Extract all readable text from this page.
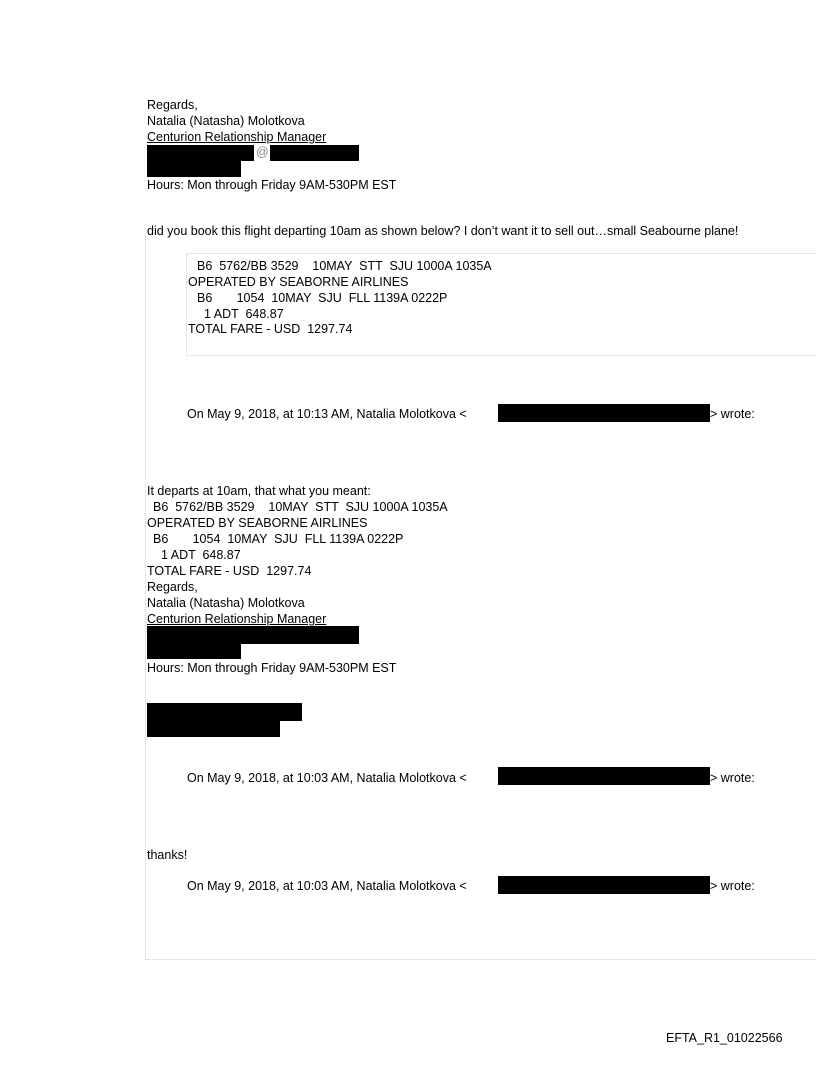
Regards,
Natalia (Natasha) Molotkova
Centurion Relationship Manager
@
Hours: Mon through Friday 9AM-530PM EST
did you book this flight departing 10am as shown below? I don’t want it to sell out…small Seabourne plane!
B6  5762/BB 3529    10MAY  STT  SJU 1000A 1035A
OPERATED BY SEABORNE AIRLINES
B6       1054  10MAY  SJU  FLL 1139A 0222P
1 ADT  648.87
TOTAL FARE - USD  1297.74
On May 9, 2018, at 10:13 AM, Natalia Molotkova <	> wrote:
It departs at 10am, that what you meant:
B6  5762/BB 3529    10MAY  STT  SJU 1000A 1035A
OPERATED BY SEABORNE AIRLINES
B6       1054  10MAY  SJU  FLL 1139A 0222P
1 ADT  648.87
TOTAL FARE - USD  1297.74
Regards,
Natalia (Natasha) Molotkova
Centurion Relationship Manager
Hours: Mon through Friday 9AM-530PM EST
On May 9, 2018, at 10:03 AM, Natalia Molotkova <	> wrote:
thanks!
On May 9, 2018, at 10:03 AM, Natalia Molotkova <	> wrote:
EFTA_R1_01022566
